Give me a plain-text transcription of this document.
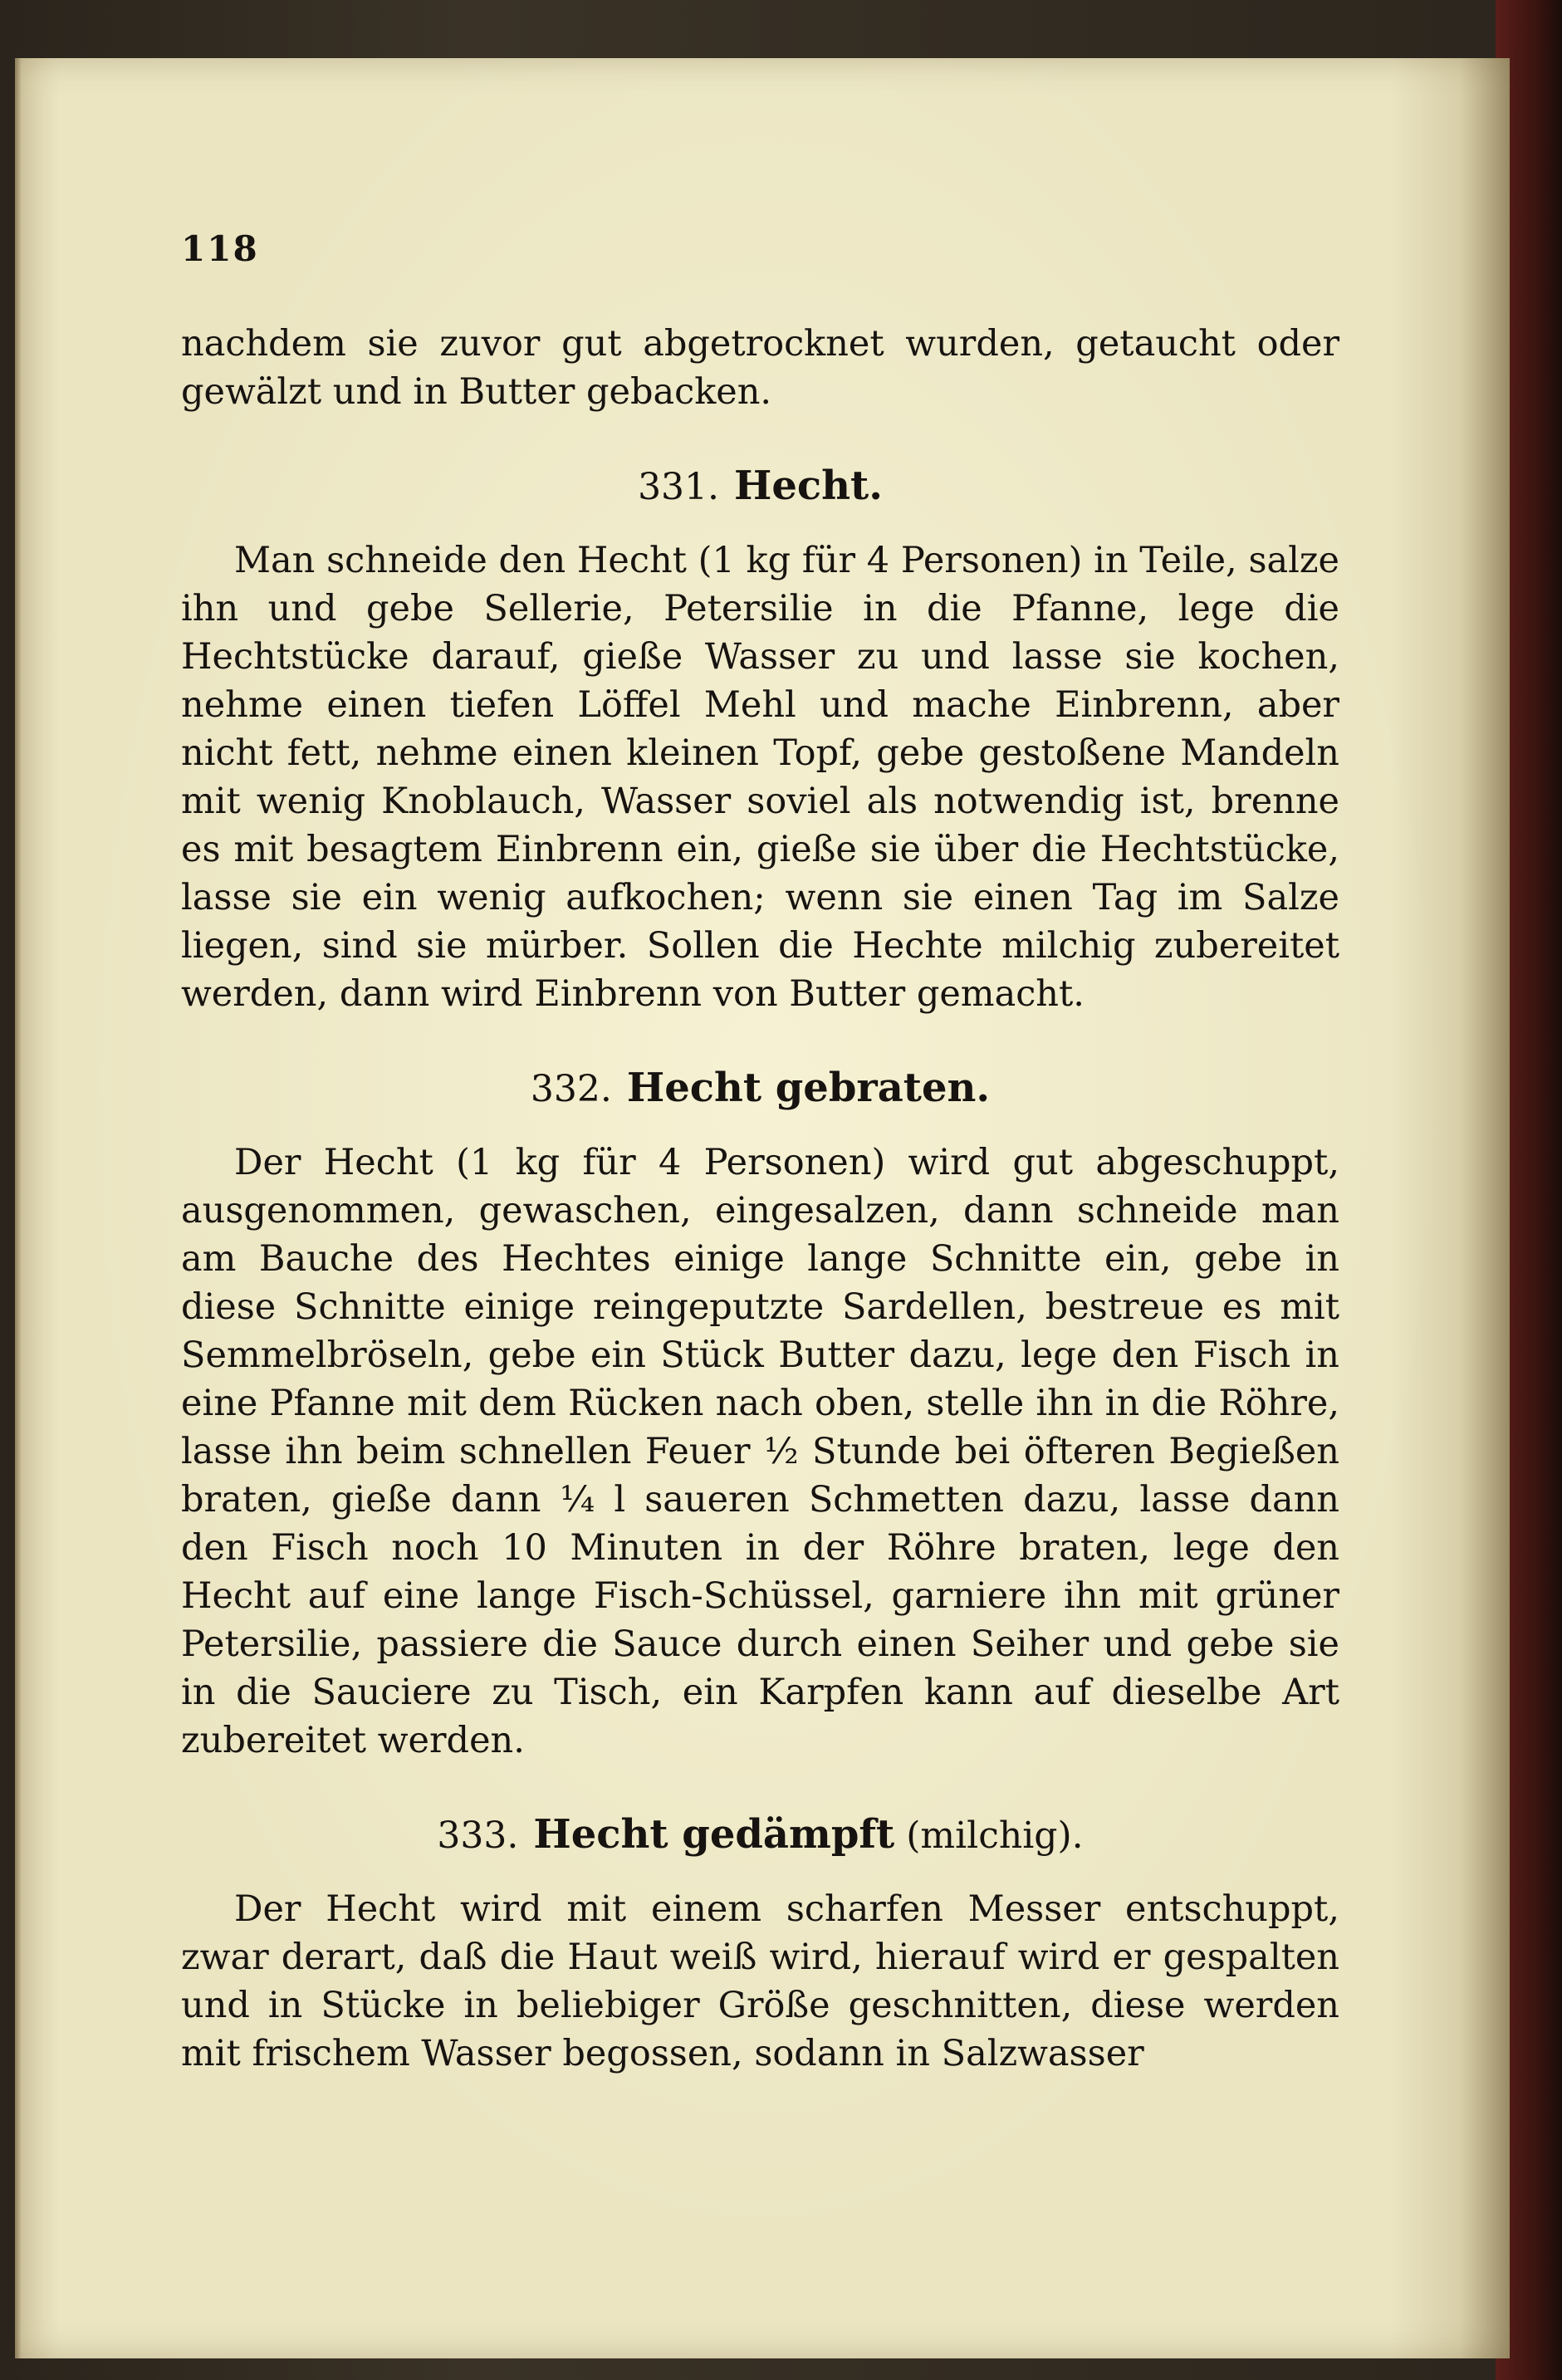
118

nachdem sie zuvor gut abgetrocknet wurden, getaucht oder gewälzt und in Butter gebacken.

331. Hecht.

Man schneide den Hecht (1 kg für 4 Personen) in Teile, salze ihn und gebe Sellerie, Petersilie in die Pfanne, lege die Hechtstücke darauf, gieße Wasser zu und lasse sie kochen, nehme einen tiefen Löffel Mehl und mache Einbrenn, aber nicht fett, nehme einen kleinen Topf, gebe gestoßene Mandeln mit wenig Knoblauch, Wasser soviel als notwendig ist, brenne es mit besagtem Einbrenn ein, gieße sie über die Hechtstücke, lasse sie ein wenig aufkochen; wenn sie einen Tag im Salze liegen, sind sie mürber. Sollen die Hechte milchig zubereitet werden, dann wird Einbrenn von Butter gemacht.

332. Hecht gebraten.

Der Hecht (1 kg für 4 Personen) wird gut abgeschuppt, ausgenommen, gewaschen, eingesalzen, dann schneide man am Bauche des Hechtes einige lange Schnitte ein, gebe in diese Schnitte einige reingeputzte Sardellen, bestreue es mit Semmelbröseln, gebe ein Stück Butter dazu, lege den Fisch in eine Pfanne mit dem Rücken nach oben, stelle ihn in die Röhre, lasse ihn beim schnellen Feuer ½ Stunde bei öfteren Begießen braten, gieße dann ¼ l saueren Schmetten dazu, lasse dann den Fisch noch 10 Minuten in der Röhre braten, lege den Hecht auf eine lange Fisch-Schüssel, garniere ihn mit grüner Petersilie, passiere die Sauce durch einen Seiher und gebe sie in die Sauciere zu Tisch, ein Karpfen kann auf dieselbe Art zubereitet werden.

333. Hecht gedämpft (milchig).

Der Hecht wird mit einem scharfen Messer entschuppt, zwar derart, daß die Haut weiß wird, hierauf wird er gespalten und in Stücke in beliebiger Größe geschnitten, diese werden mit frischem Wasser begossen, sodann in Salzwasser
